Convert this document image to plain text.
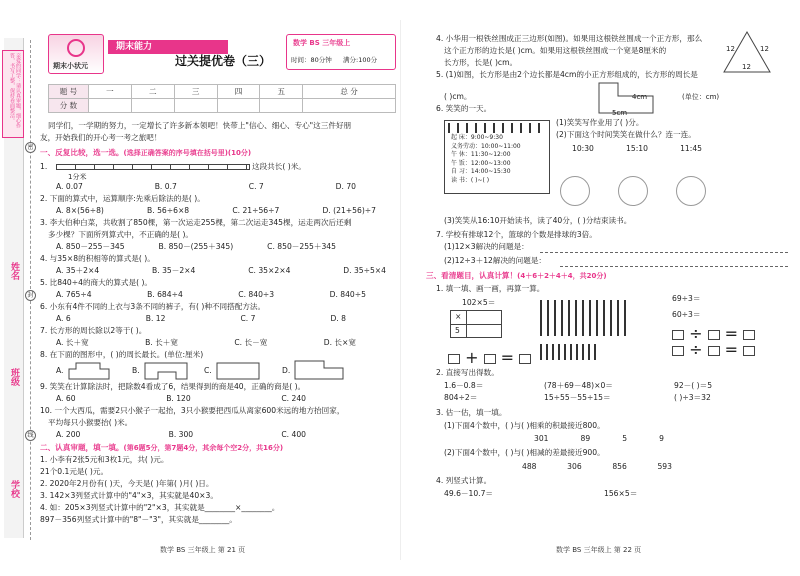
亲爱的同学：请认真审题，细心作答，书写工整，保持卷面整洁。
姓名
班级
学校
密
封
线
期末小状元
期末能力
过关提优卷（三）
数学 BS 三年级上
时间：80分钟 满分:100分
题 号	一	二	三	四	五	总 分
分 数						
同学们，一学期的努力，一定增长了许多新本领吧！快带上"信心、细心、专心"这三件好朋
友，开始我们的开心考一考之旅吧！
一、反复比较，选一选。(选择正确答案的序号填在括号里)(10分)
1.	这段共长( )米。
1分米
A. 0.07	B. 0.7	C. 7	D. 70
2. 下面的算式中，运算顺序:先乘后除法的是( )。
A. 8×(56÷8)	B. 56÷6×8	C. 21÷56÷7	D. (21+56)÷7
3. 李大伯种白菜，共收割了850棵，第一次运走255棵，第二次运走345棵，运走两次后还剩
多少棵？下面所列算式中，不正确的是( )。
A. 850－255－345	B. 850－(255＋345)	C. 850－255＋345
4. 与35×8的积相等的算式是( )。
A. 35＋2×4	B. 35－2×4	C. 35×2×4	D. 35÷5×4
5. 比840÷4的商大的算式是( )。
A. 765÷4	B. 684÷4	C. 840÷3	D. 840÷5
6. 小东有4件不同的上衣与3条不同的裤子，有( )种不同搭配方法。
A. 6	B. 12	C. 7	D. 8
7. 长方形的周长除以2等于( )。
A. 长＋宽	B. 长＋宽	C. 长－宽	D. 长×宽
8. 在下面的图形中，( )的周长最长。(单位:厘米)
A.	B.	C.	D.
9. 笑笑在计算除法时，把除数4看成了6，结果得到的商是40，正确的商是( )。
A. 60	B. 120	C. 240
10. 一个大西瓜，需要2只小猴子一起抬，3只小猴要把西瓜从离家600米远的地方抬回家，
平均每只小猴要抬( )米。
A. 200	B. 300	C. 400
二、认真审题，填一填。(第6题5分，第7题4分，其余每个空2分，共16分)
1. 小李有2张5元和3枚1元，共( )元。
21个0.1元是( )元。
2. 2020年2月份有( )天，今天是( )年第( )月( )日。
3. 142×3列竖式计算中的"4"×3，其实就是40×3。
4. 如：205×3列竖式计算中的"2"×3，其实就是________×________。
897－356列竖式计算中的"8"－"3"，其实就是________。
数学 BS 三年级上 第 21 页
4. 小华用一根铁丝围成正三边形(如图)。如果用这根铁丝围成一个正方形，那么
这个正方形的边长是( )cm。如果用这根铁丝围成一个宽是8厘米的
长方形，长是( )cm。
12	12
12
5. (1)如图，长方形是由2个边长都是4cm的小正方形组成的，长方形的周长是
( )cm。	4cm
5cm
(单位：cm)
6. 笑笑的一天。
起 床：9:00~9:30
义务劳动：10:00~11:00
午 休：11:30~12:00
午 饭：12:00~13:00
自 习：14:00~15:30
读 书：( )~( )
(1)笑笑写作业用了( )分。
(2)下面这个时间笑笑在做什么？连一连。
10:30	15:10	11:45
(3)笑笑从16:10开始读书，读了40分，( )分结束读书。
7. 学校有排球12个，篮球的个数是排球的3倍。
(1)12×3解决的问题是：
(2)12÷3＋12解决的问题是：
三、看清题目，认真计算！(4＋6＋2＋4＋4，共20分)
1. 填一填、画一画，再算一算。
102×5＝
×
5
+  =
69÷3＝
60÷3＝
÷  =
÷  =
2. 直接写出得数。
1.6－0.8＝	(78＋69－48)×0＝	92－( )＝5
804÷2＝	15÷55－55÷15＝	( )÷3＝32
3. 估一估，填一填。
(1)下面4个数中，( )与( )相乘的积最接近800。
301	89	5	9
(2)下面4个数中，( )与( )相减的差最接近900。
488	306	856	593
4. 列竖式计算。
49.6－10.7＝	156×5＝
数学 BS 三年级上 第 22 页
